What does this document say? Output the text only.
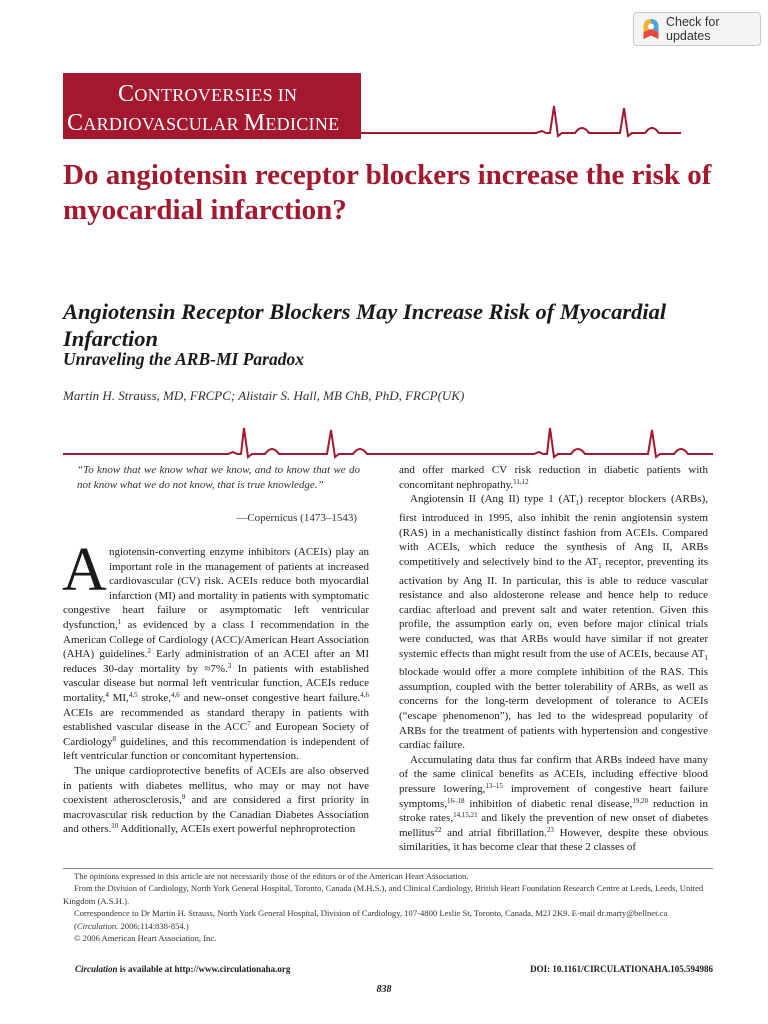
Check for updates
CONTROVERSIES IN
CARDIOVASCULAR MEDICINE
Do angiotensin receptor blockers increase the risk of myocardial infarction?
Angiotensin Receptor Blockers May Increase Risk of Myocardial Infarction
Unraveling the ARB-MI Paradox
Martin H. Strauss, MD, FRCPC; Alistair S. Hall, MB ChB, PhD, FRCP(UK)
“To know that we know what we know, and to know that we do not know what we do not know, that is true knowledge.”
—Copernicus (1473–1543)
A ngiotensin-converting enzyme inhibitors (ACEIs) play an important role in the management of patients at increased cardiovascular (CV) risk. ACEIs reduce both myocardial infarction (MI) and mortality in patients with symptomatic congestive heart failure or asymptomatic left ventricular dysfunction,$^1$ as evidenced by a class I recommendation in the American College of Cardiology (ACC)/American Heart Association (AHA) guidelines.$^2$ Early administration of an ACEI after an MI reduces 30-day mortality by ≈7%.$^3$ In patients with established vascular disease but normal left ventricular function, ACEIs reduce mortality,$^4$ MI,$^{4,5}$ stroke,$^{4,6}$ and new-onset congestive heart failure.$^{4,6}$ ACEIs are recommended as standard therapy in patients with established vascular disease in the ACC$^7$ and European Society of Cardiology$^8$ guidelines, and this recommendation is independent of left ventricular function or concomitant hypertension.

The unique cardioprotective benefits of ACEIs are also observed in patients with diabetes mellitus, who may or may not have coexistent atherosclerosis,$^9$ and are considered a first priority in macrovascular risk reduction by the Canadian Diabetes Association and others.$^{10}$ Additionally, ACEIs exert powerful nephroprotection

and offer marked CV risk reduction in diabetic patients with concomitant nephropathy.$^{11,12}$

Angiotensin II (Ang II) type 1 $(AT_1)$ receptor blockers (ARBs), first introduced in 1995, also inhibit the renin angiotensin system (RAS) in a mechanistically distinct fashion from ACEIs. Compared with ACEIs, which reduce the synthesis of Ang II, ARBs competitively and selectively bind to the $AT_1$ receptor, preventing its activation by Ang II. In particular, this is able to reduce vascular resistance and also aldosterone release and hence help to reduce cardiac afterload and prevent salt and water retention. Given this profile, the assumption early on, even before major clinical trials were conducted, was that ARBs would have similar if not greater systemic effects than might result from the use of ACEIs, because $AT_1$ blockade would offer a more complete inhibition of the RAS. This assumption, coupled with the better tolerability of ARBs, as well as concerns for the long-term development of tolerance to ACEIs (“escape phenomenon”), has led to the widespread popularity of ARBs for the treatment of patients with hypertension and congestive cardiac failure.

Accumulating data thus far confirm that ARBs indeed have many of the same clinical benefits as ACEIs, including effective blood pressure lowering,$^{13-15}$ improvement of congestive heart failure symptoms,$^{16-18}$ inhibition of diabetic renal disease,$^{19,20}$ reduction in stroke rates,$^{14,15,21}$ and likely the prevention of new onset of diabetes mellitus$^{22}$ and atrial fibrillation.$^{23}$ However, despite these obvious similarities, it has become clear that these 2 classes of

The opinions expressed in this article are not necessarily those of the editors or of the American Heart Association.

From the Division of Cardiology, North York General Hospital, Toronto, Canada (M.H.S.), and Clinical Cardiology, British Heart Foundation Research Centre at Leeds, Leeds, United Kingdom (A.S.H.).

Correspondence to Dr Martin H. Strauss, North York General Hospital, Division of Cardiology, 107-4800 Leslie St, Toronto, Canada, M2J 2K9. E-mail dr.marty@bellnet.ca

(Circulation. 2006;114:838-854.)

© 2006 American Heart Association, Inc.

Circulation is available at http://www.circulationaha.org	DOI: 10.1161/CIRCULATIONAHA.105.594986
838
